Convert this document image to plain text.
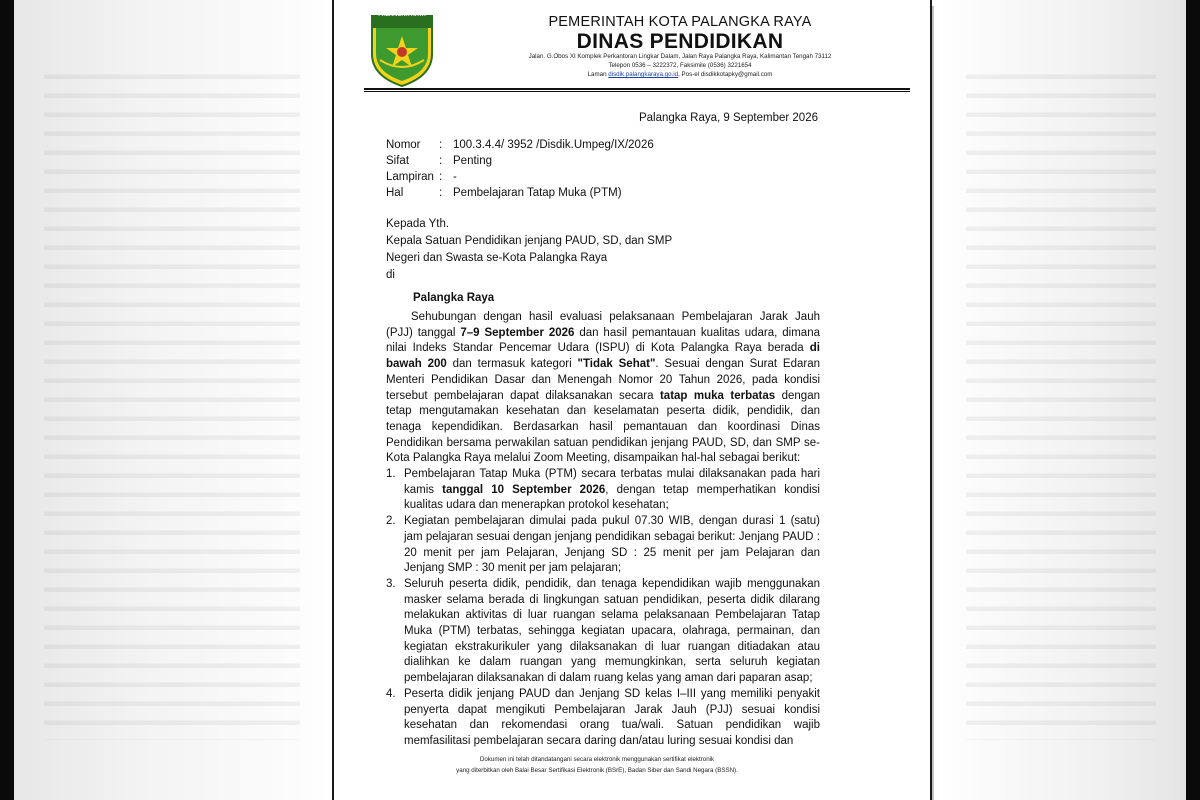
PALANGKA RAYA	PEMERINTAH KOTA PALANGKA RAYA
DINAS PENDIDIKAN
Jalan. G.Obos XI Komplek Perkantoran Lingkar Dalam, Jalan Raya Palangka Raya, Kalimantan Tengah 73112
Telepon 0536 – 3222372, Faksimile (0536) 3221654
Laman disdik.palangkaraya.go.id, Pos-el disdikkotapky@gmail.com
Palangka Raya, 9 September 2026
Nomor	: 100.3.4.4/ 3952 /Disdik.Umpeg/IX/2026
Sifat	: Penting
Lampiran : -
Hal	: Pembelajaran Tatap Muka (PTM)
Kepada Yth.
Kepala Satuan Pendidikan jenjang PAUD, SD, dan SMP
Negeri dan Swasta se-Kota Palangka Raya
di
Palangka Raya
Sehubungan dengan hasil evaluasi pelaksanaan Pembelajaran Jarak Jauh (PJJ) tanggal 7–9 September 2026 dan hasil pemantauan kualitas udara, dimana nilai Indeks Standar Pencemar Udara (ISPU) di Kota Palangka Raya berada di bawah 200 dan termasuk kategori "Tidak Sehat". Sesuai dengan Surat Edaran Menteri Pendidikan Dasar dan Menengah Nomor 20 Tahun 2026, pada kondisi tersebut pembelajaran dapat dilaksanakan secara tatap muka terbatas dengan tetap mengutamakan kesehatan dan keselamatan peserta didik, pendidik, dan tenaga kependidikan. Berdasarkan hasil pemantauan dan koordinasi Dinas Pendidikan bersama perwakilan satuan pendidikan jenjang PAUD, SD, dan SMP se-Kota Palangka Raya melalui Zoom Meeting, disampaikan hal-hal sebagai berikut:
1. Pembelajaran Tatap Muka (PTM) secara terbatas mulai dilaksanakan pada hari kamis tanggal 10 September 2026, dengan tetap memperhatikan kondisi kualitas udara dan menerapkan protokol kesehatan;
2. Kegiatan pembelajaran dimulai pada pukul 07.30 WIB, dengan durasi 1 (satu) jam pelajaran sesuai dengan jenjang pendidikan sebagai berikut: Jenjang PAUD : 20 menit per jam Pelajaran, Jenjang SD : 25 menit per jam Pelajaran dan Jenjang SMP : 30 menit per jam pelajaran;
3. Seluruh peserta didik, pendidik, dan tenaga kependidikan wajib menggunakan masker selama berada di lingkungan satuan pendidikan, peserta didik dilarang melakukan aktivitas di luar ruangan selama pelaksanaan Pembelajaran Tatap Muka (PTM) terbatas, sehingga kegiatan upacara, olahraga, permainan, dan kegiatan ekstrakurikuler yang dilaksanakan di luar ruangan ditiadakan atau dialihkan ke dalam ruangan yang memungkinkan, serta seluruh kegiatan pembelajaran dilaksanakan di dalam ruang kelas yang aman dari paparan asap;
4. Peserta didik jenjang PAUD dan Jenjang SD kelas I–III yang memiliki penyakit penyerta dapat mengikuti Pembelajaran Jarak Jauh (PJJ) sesuai kondisi kesehatan dan rekomendasi orang tua/wali. Satuan pendidikan wajib memfasilitasi pembelajaran secara daring dan/atau luring sesuai kondisi dan
Dokumen ini telah ditandatangani secara elektronik menggunakan sertifikat elektronik
yang diterbitkan oleh Balai Besar Sertifikasi Elektronik (BSrE), Badan Siber dan Sandi Negara (BSSN).
